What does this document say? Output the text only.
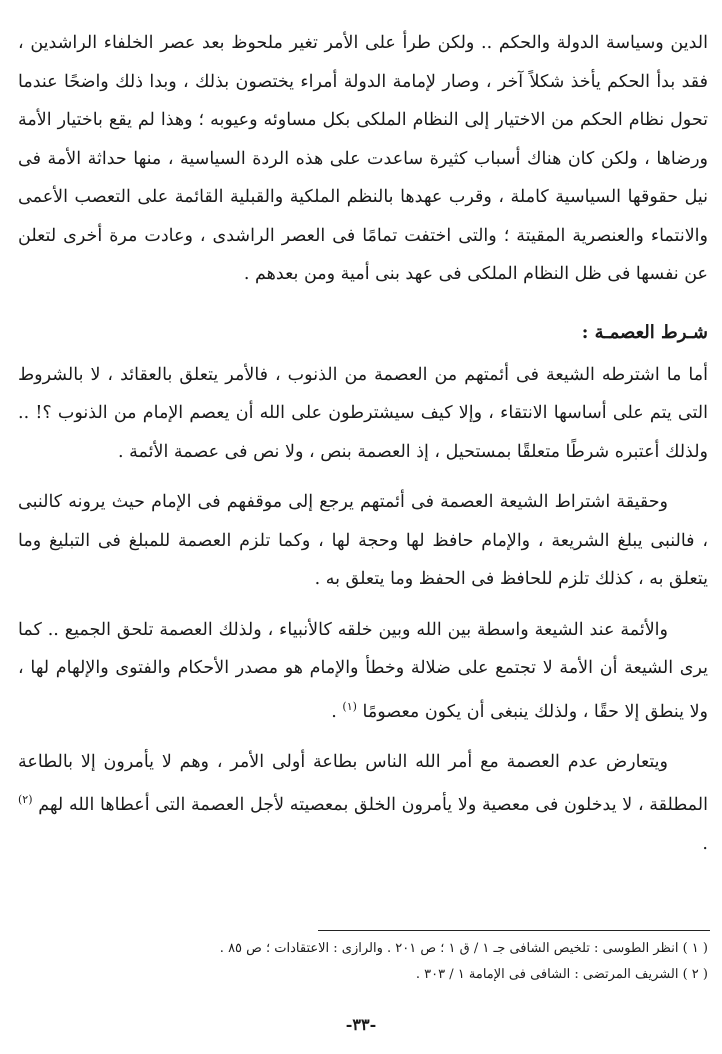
الدين وسياسة الدولة والحكم .. ولكن طرأ على الأمر تغير ملحوظ بعد عصر الخلفاء الراشدين ، فقد بدأ الحكم يأخذ شكلاً آخر ، وصار لإمامة الدولة أمراء يختصون بذلك ، وبدا ذلك واضحًا عندما تحول نظام الحكم من الاختيار إلى النظام الملكى بكل مساوئه وعيوبه ؛ وهذا لم يقع باختيار الأمة ورضاها ، ولكن كان هناك أسباب كثيرة ساعدت على هذه الردة السياسية ، منها حداثة الأمة فى نيل حقوقها السياسية كاملة ، وقرب عهدها بالنظم الملكية والقبلية القائمة على التعصب الأعمى والانتماء والعنصرية المقيتة ؛ والتى اختفت تمامًا فى العصر الراشدى ، وعادت مرة أخرى لتعلن عن نفسها فى ظل النظام الملكى فى عهد بنى أمية ومن بعدهم .

شـرط العصمـة :

أما ما اشترطه الشيعة فى أئمتهم من العصمة من الذنوب ، فالأمر يتعلق بالعقائد ، لا بالشروط التى يتم على أساسها الانتقاء ، وإلا كيف سيشترطون على الله أن يعصم الإمام من الذنوب ؟! .. ولذلك أعتبره شرطًا متعلقًا بمستحيل ، إذ العصمة بنص ، ولا نص فى عصمة الأئمة .

وحقيقة اشتراط الشيعة العصمة فى أئمتهم يرجع إلى موقفهم فى الإمام حيث يرونه كالنبى ، فالنبى يبلغ الشريعة ، والإمام حافظ لها وحجة لها ، وكما تلزم العصمة للمبلغ فى التبليغ وما يتعلق به ، كذلك تلزم للحافظ فى الحفظ وما يتعلق به .

والأئمة عند الشيعة واسطة بين الله وبين خلقه كالأنبياء ، ولذلك العصمة تلحق الجميع .. كما يرى الشيعة أن الأمة لا تجتمع على ضلالة وخطأ والإمام هو مصدر الأحكام والفتوى والإلهام لها ، ولا ينطق إلا حقًا ، ولذلك ينبغى أن يكون معصومًا $^{(١)}$ .

ويتعارض عدم العصمة مع أمر الله الناس بطاعة أولى الأمر ، وهم لا يأمرون إلا بالطاعة المطلقة ، لا يدخلون فى معصية ولا يأمرون الخلق بمعصيته لأجل العصمة التى أعطاها الله لهم $^{(٢)}$ .

( ١ ) انظر الطوسى : تلخيص الشافى جـ ١ / ق ١ ؛ ص ٢٠١ . والرازى : الاعتقادات ؛ ص ٨٥ .
( ٢ ) الشريف المرتضى : الشافى فى الإمامة ١ / ٣٠٣ .
-٣٣-
